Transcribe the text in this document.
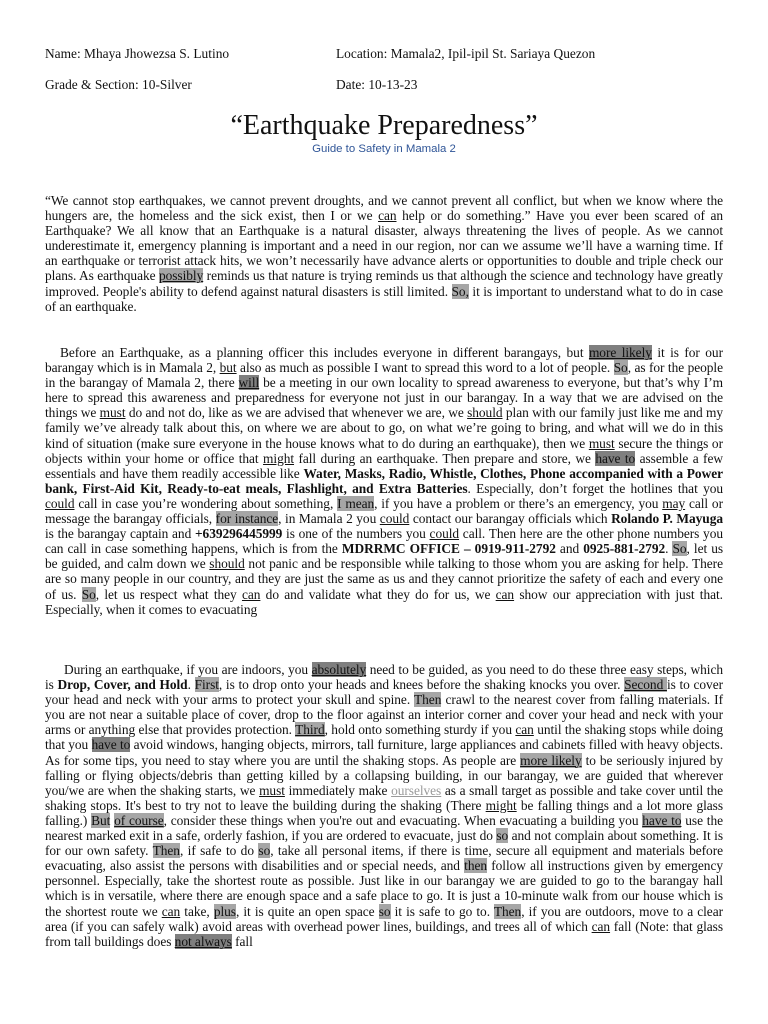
Name: Mhaya Jhowezsa S. Lutino	Location: Mamala2, Ipil-ipil St. Sariaya Quezon
Grade & Section: 10-Silver	Date: 10-13-23
“Earthquake Preparedness”
Guide to Safety in Mamala 2
“We cannot stop earthquakes, we cannot prevent droughts, and we cannot prevent all conflict, but when we know where the hungers are, the homeless and the sick exist, then I or we can help or do something.” Have you ever been scared of an Earthquake? We all know that an Earthquake is a natural disaster, always threatening the lives of people. As we cannot underestimate it, emergency planning is important and a need in our region, nor can we assume we’ll have a warning time. If an earthquake or terrorist attack hits, we won’t necessarily have advance alerts or opportunities to double and triple check our plans. As earthquake possibly reminds us that nature is trying reminds us that although the science and technology have greatly improved. People's ability to defend against natural disasters is still limited. So, it is important to understand what to do in case of an earthquake.
Before an Earthquake, as a planning officer this includes everyone in different barangays, but more likely it is for our barangay which is in Mamala 2, but also as much as possible I want to spread this word to a lot of people. So, as for the people in the barangay of Mamala 2, there will be a meeting in our own locality to spread awareness to everyone, but that’s why I’m here to spread this awareness and preparedness for everyone not just in our barangay. In a way that we are advised on the things we must do and not do, like as we are advised that whenever we are, we should plan with our family just like me and my family we’ve already talk about this, on where we are about to go, on what we’re going to bring, and what will we do in this kind of situation (make sure everyone in the house knows what to do during an earthquake), then we must secure the things or objects within your home or office that might fall during an earthquake. Then prepare and store, we have to assemble a few essentials and have them readily accessible like Water, Masks, Radio, Whistle, Clothes, Phone accompanied with a Power bank, First-Aid Kit, Ready-to-eat meals, Flashlight, and Extra Batteries. Especially, don’t forget the hotlines that you could call in case you’re wondering about something, I mean, if you have a problem or there’s an emergency, you may call or message the barangay officials, for instance, in Mamala 2 you could contact our barangay officials which Rolando P. Mayuga is the barangay captain and +639296445999 is one of the numbers you could call. Then here are the other phone numbers you can call in case something happens, which is from the MDRRMC OFFICE – 0919-911-2792 and 0925-881-2792. So, let us be guided, and calm down we should not panic and be responsible while talking to those whom you are asking for help. There are so many people in our country, and they are just the same as us and they cannot prioritize the safety of each and every one of us. So, let us respect what they can do and validate what they do for us, we can show our appreciation with just that. Especially, when it comes to evacuating
During an earthquake, if you are indoors, you absolutely need to be guided, as you need to do these three easy steps, which is Drop, Cover, and Hold. First, is to drop onto your heads and knees before the shaking knocks you over. Second is to cover your head and neck with your arms to protect your skull and spine. Then crawl to the nearest cover from falling materials. If you are not near a suitable place of cover, drop to the floor against an interior corner and cover your head and neck with your arms or anything else that provides protection. Third, hold onto something sturdy if you can until the shaking stops while doing that you have to avoid windows, hanging objects, mirrors, tall furniture, large appliances and cabinets filled with heavy objects. As for some tips, you need to stay where you are until the shaking stops. As people are more likely to be seriously injured by falling or flying objects/debris than getting killed by a collapsing building, in our barangay, we are guided that wherever you/we are when the shaking starts, we must immediately make ourselves as a small target as possible and take cover until the shaking stops. It's best to try not to leave the building during the shaking (There might be falling things and a lot more glass falling.) But of course, consider these things when you're out and evacuating. When evacuating a building you have to use the nearest marked exit in a safe, orderly fashion, if you are ordered to evacuate, just do so and not complain about something. It is for our own safety. Then, if safe to do so, take all personal items, if there is time, secure all equipment and materials before evacuating, also assist the persons with disabilities and or special needs, and then follow all instructions given by emergency personnel. Especially, take the shortest route as possible. Just like in our barangay we are guided to go to the barangay hall which is in versatile, where there are enough space and a safe place to go. It is just a 10-minute walk from our house which is the shortest route we can take, plus, it is quite an open space so it is safe to go to. Then, if you are outdoors, move to a clear area (if you can safely walk) avoid areas with overhead power lines, buildings, and trees all of which can fall (Note: that glass from tall buildings does not always fall
